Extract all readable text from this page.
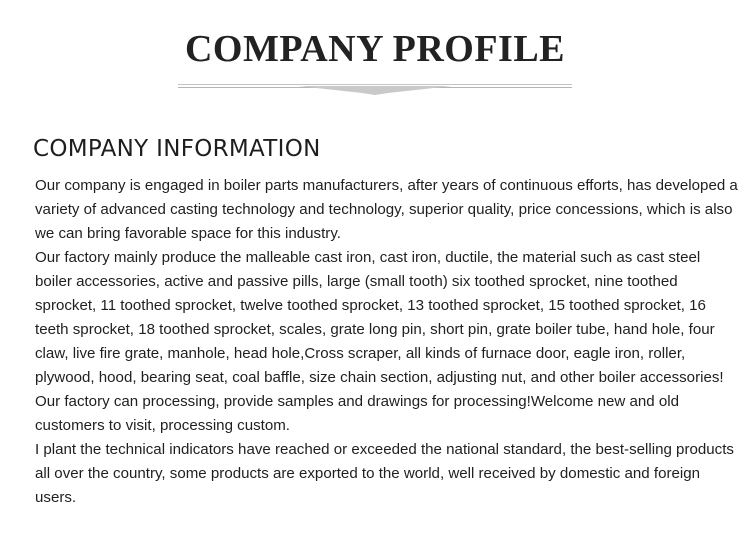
COMPANY PROFILE
COMPANY INFORMATION

Our company is engaged in boiler parts manufacturers, after years of continuous efforts, has developed a variety of advanced casting technology and technology, superior quality, price concessions, which is also we can bring favorable space for this industry.

Our factory mainly produce the malleable cast iron, cast iron, ductile, the material such as cast steel boiler accessories, active and passive pills, large (small tooth) six toothed sprocket, nine toothed sprocket, 11 toothed sprocket, twelve toothed sprocket, 13 toothed sprocket, 15 toothed sprocket, 16 teeth sprocket, 18 toothed sprocket, scales, grate long pin, short pin, grate boiler tube, hand hole, four claw, live fire grate, manhole, head hole,Cross scraper, all kinds of furnace door, eagle iron, roller, plywood, hood, bearing seat, coal baffle, size chain section, adjusting nut, and other boiler accessories!

Our factory can processing, provide samples and drawings for processing!Welcome new and old customers to visit, processing custom.

I plant the technical indicators have reached or exceeded the national standard, the best-selling products all over the country, some products are exported to the world, well received by domestic and foreign users.
